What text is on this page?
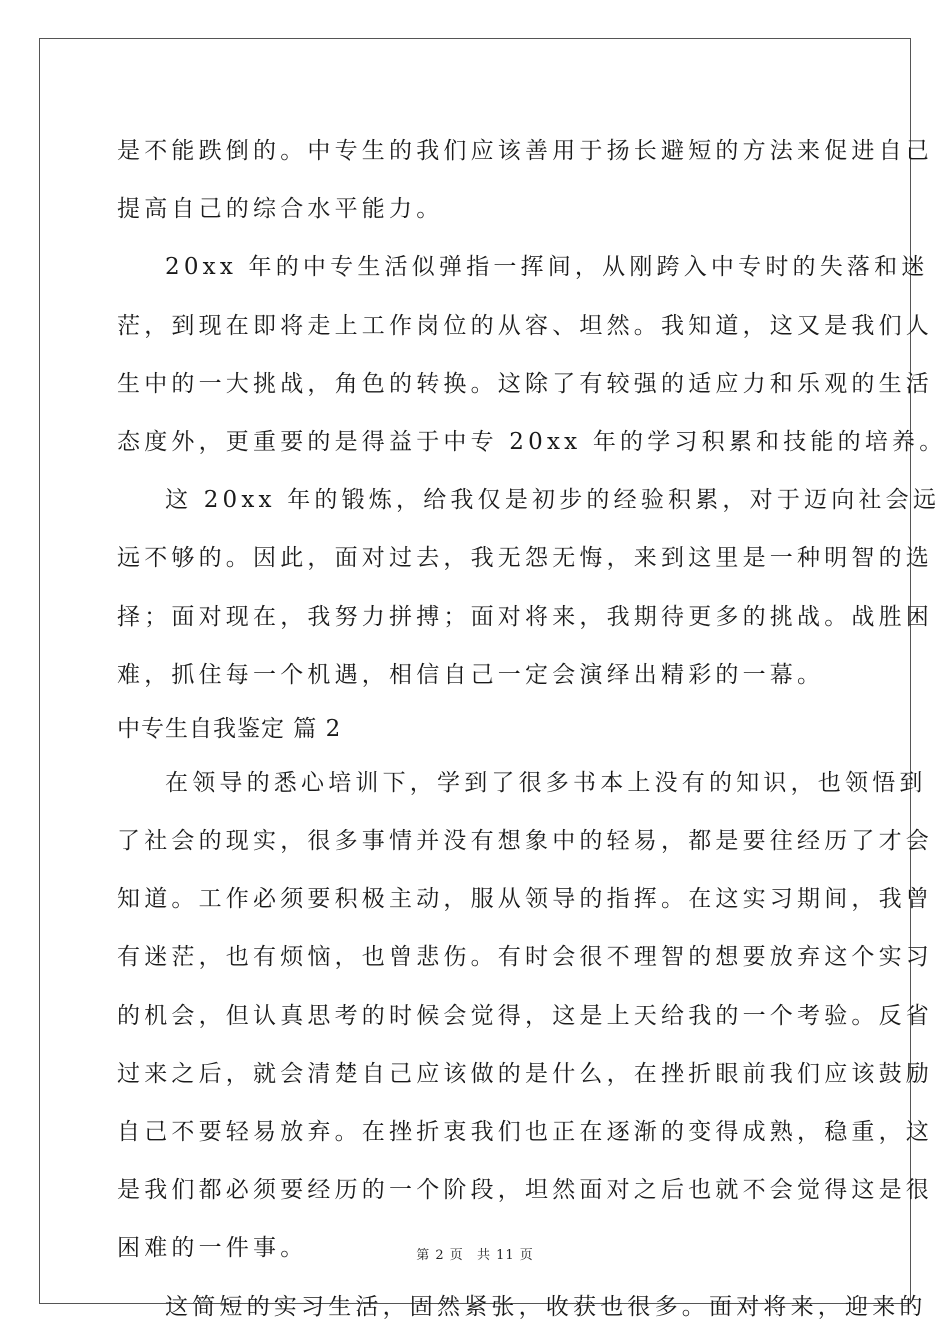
是不能跌倒的。中专生的我们应该善用于扬长避短的方法来促进自己
提高自己的综合水平能力。
20xx 年的中专生活似弹指一挥间，从刚跨入中专时的失落和迷
茫，到现在即将走上工作岗位的从容、坦然。我知道，这又是我们人
生中的一大挑战，角色的转换。这除了有较强的适应力和乐观的生活
态度外，更重要的是得益于中专 20xx 年的学习积累和技能的培养。
这 20xx 年的锻炼，给我仅是初步的经验积累，对于迈向社会远
远不够的。因此，面对过去，我无怨无悔，来到这里是一种明智的选
择；面对现在，我努力拼搏；面对将来，我期待更多的挑战。战胜困
难，抓住每一个机遇，相信自己一定会演绎出精彩的一幕。
中专生自我鉴定 篇 2
在领导的悉心培训下，学到了很多书本上没有的知识，也领悟到
了社会的现实，很多事情并没有想象中的轻易，都是要往经历了才会
知道。工作必须要积极主动，服从领导的指挥。在这实习期间，我曾
有迷茫，也有烦恼，也曾悲伤。有时会很不理智的想要放弃这个实习
的机会，但认真思考的时候会觉得，这是上天给我的一个考验。反省
过来之后，就会清楚自己应该做的是什么，在挫折眼前我们应该鼓励
自己不要轻易放弃。在挫折衷我们也正在逐渐的变得成熟，稳重，这
是我们都必须要经历的一个阶段，坦然面对之后也就不会觉得这是很
困难的一件事。
这简短的实习生活，固然紧张，收获也很多。面对将来，迎来的
第 2 页 共 11 页
